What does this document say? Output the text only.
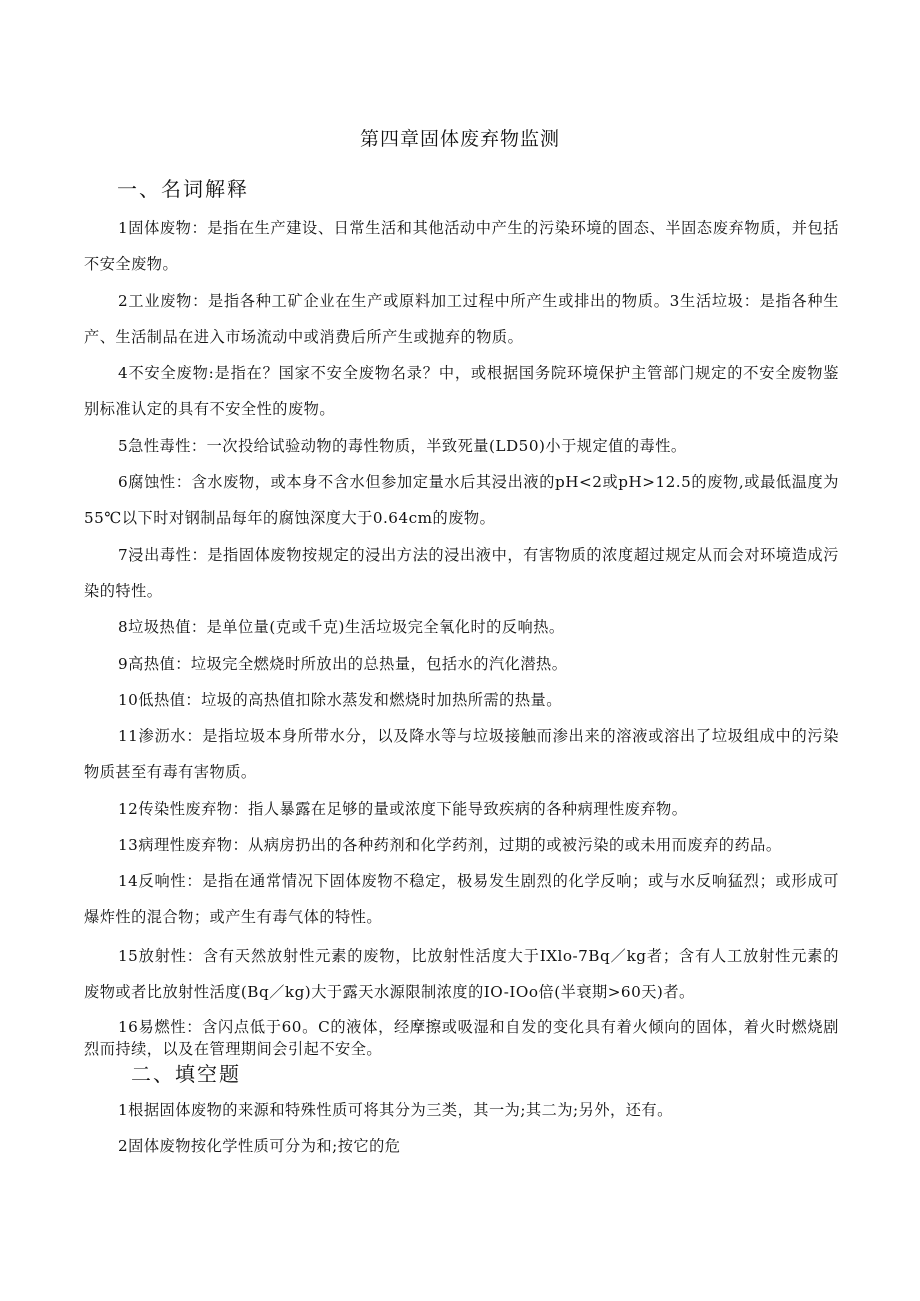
第四章固体废弃物监测
一、名词解释
1固体废物：是指在生产建设、日常生活和其他活动中产生的污染环境的固态、半固态废弃物质，并包括不安全废物。
2工业废物：是指各种工矿企业在生产或原料加工过程中所产生或排出的物质。3生活垃圾：是指各种生产、生活制品在进入市场流动中或消费后所产生或抛弃的物质。
4不安全废物:是指在？国家不安全废物名录？中，或根据国务院环境保护主管部门规定的不安全废物鉴别标准认定的具有不安全性的废物。
5急性毒性：一次投给试验动物的毒性物质，半致死量(LD50)小于规定值的毒性。
6腐蚀性：含水废物，或本身不含水但参加定量水后其浸出液的pH<2或pH>12.5的废物,或最低温度为55℃以下时对钢制品每年的腐蚀深度大于0.64cm的废物。
7浸出毒性：是指固体废物按规定的浸出方法的浸出液中，有害物质的浓度超过规定从而会对环境造成污染的特性。
8垃圾热值：是单位量(克或千克)生活垃圾完全氧化时的反响热。
9高热值：垃圾完全燃烧时所放出的总热量，包括水的汽化潜热。
10低热值：垃圾的高热值扣除水蒸发和燃烧时加热所需的热量。
11渗沥水：是指垃圾本身所带水分，以及降水等与垃圾接触而渗出来的溶液或溶出了垃圾组成中的污染物质甚至有毒有害物质。
12传染性废弃物：指人暴露在足够的量或浓度下能导致疾病的各种病理性废弃物。
13病理性废弃物：从病房扔出的各种药剂和化学药剂，过期的或被污染的或未用而废弃的药品。
14反响性：是指在通常情况下固体废物不稳定，极易发生剧烈的化学反响；或与水反响猛烈；或形成可爆炸性的混合物；或产生有毒气体的特性。
15放射性：含有天然放射性元素的废物，比放射性活度大于IXlo-7Bq／kg者；含有人工放射性元素的废物或者比放射性活度(Bq／kg)大于露天水源限制浓度的IO-IOo倍(半衰期>60天)者。
16易燃性：含闪点低于60。C的液体，经摩擦或吸湿和自发的变化具有着火倾向的固体，着火时燃烧剧烈而持续，以及在管理期间会引起不安全。
二、填空题
1根据固体废物的来源和特殊性质可将其分为三类，其一为;其二为;另外，还有。
2固体废物按化学性质可分为和;按它的危
